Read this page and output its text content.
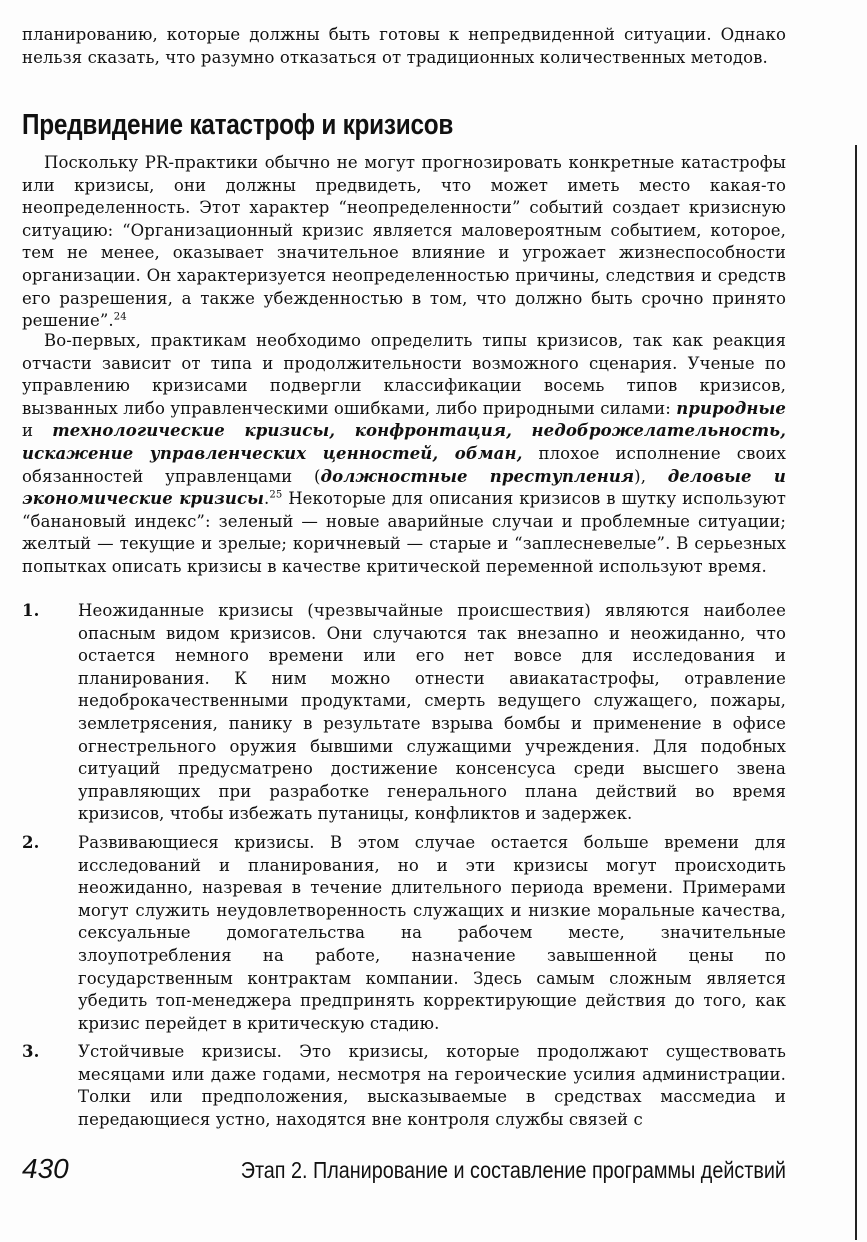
планированию, которые должны быть готовы к непредвиденной ситуации. Однако нельзя сказать, что разумно отказаться от традиционных количественных методов.
Предвидение катастроф и кризисов
Поскольку PR-практики обычно не могут прогнозировать конкретные катастрофы или кризисы, они должны предвидеть, что может иметь место какая-то неопределенность. Этот характер “неопределенности” событий создает кризисную ситуацию: “Организационный кризис является маловероятным событием, которое, тем не менее, оказывает значительное влияние и угрожает жизнеспособности организации. Он характеризуется неопределенностью причины, следствия и средств его разрешения, а также убежденностью в том, что должно быть срочно принято решение”.$^{24}$
Во-первых, практикам необходимо определить типы кризисов, так как реакция отчасти зависит от типа и продолжительности возможного сценария. Ученые по управлению кризисами подвергли классификации восемь типов кризисов, вызванных либо управленческими ошибками, либо природными силами: природные и технологические кризисы, конфронтация, недоброжелательность, искажение управленческих ценностей, обман, плохое исполнение своих обязанностей управленцами (должностные преступления), деловые и экономические кризисы.$^{25}$ Некоторые для описания кризисов в шутку используют “банановый индекс”: зеленый — новые аварийные случаи и проблемные ситуации; желтый — текущие и зрелые; коричневый — старые и “заплесневелые”. В серьезных попытках описать кризисы в качестве критической переменной используют время.
1. Неожиданные кризисы (чрезвычайные происшествия) являются наиболее опасным видом кризисов. Они случаются так внезапно и неожиданно, что остается немного времени или его нет вовсе для исследования и планирования. К ним можно отнести авиакатастрофы, отравление недоброкачественными продуктами, смерть ведущего служащего, пожары, землетрясения, панику в результате взрыва бомбы и применение в офисе огнестрельного оружия бывшими служащими учреждения. Для подобных ситуаций предусматрено достижение консенсуса среди высшего звена управляющих при разработке генерального плана действий во время кризисов, чтобы избежать путаницы, конфликтов и задержек.
2. Развивающиеся кризисы. В этом случае остается больше времени для исследований и планирования, но и эти кризисы могут происходить неожиданно, назревая в течение длительного периода времени. Примерами могут служить неудовлетворенность служащих и низкие моральные качества, сексуальные домогательства на рабочем месте, значительные злоупотребления на работе, назначение завышенной цены по государственным контрактам компании. Здесь самым сложным является убедить топ-менеджера предпринять корректирующие действия до того, как кризис перейдет в критическую стадию.
3. Устойчивые кризисы. Это кризисы, которые продолжают существовать месяцами или даже годами, несмотря на героические усилия администрации. Толки или предположения, высказываемые в средствах массмедиа и передающиеся устно, находятся вне контроля службы связей с
430	Этап 2. Планирование и составление программы действий
